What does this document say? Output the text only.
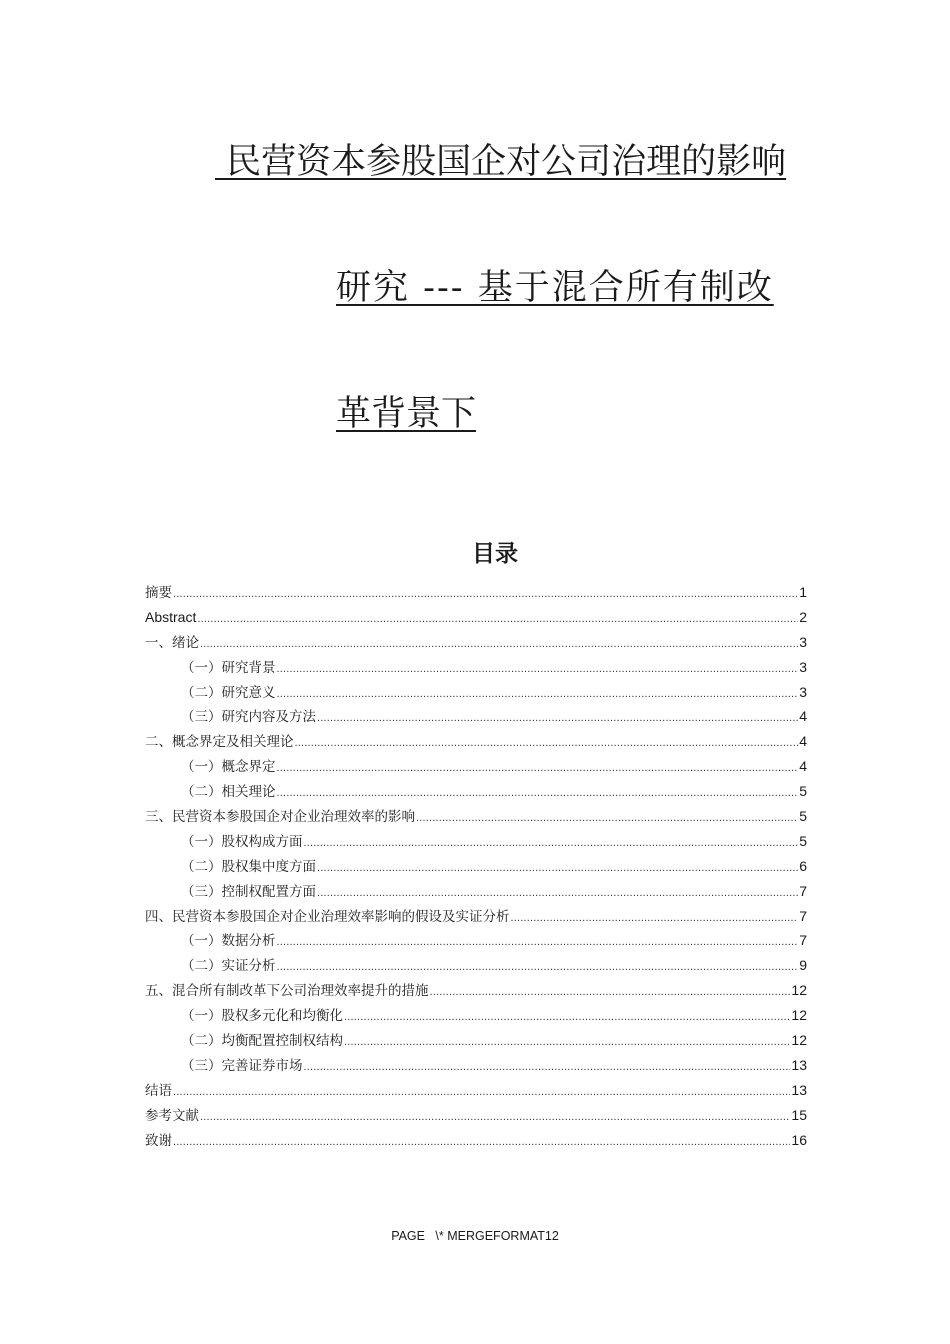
民营资本参股国企对公司治理的影响
研究 --- 基于混合所有制改
革背景下
目录
摘要 .....	1
Abstract .....	2
一、绪论 .....	3
（一）研究背景 .....	3
（二）研究意义 .....	3
（三）研究内容及方法 .....	4
二、概念界定及相关理论 .....	4
（一）概念界定 .....	4
（二）相关理论 .....	5
三、民营资本参股国企对企业治理效率的影响 .....	5
（一）股权构成方面 .....	5
（二）股权集中度方面 .....	6
（三）控制权配置方面 .....	7
四、民营资本参股国企对企业治理效率影响的假设及实证分析 .....	7
（一）数据分析 .....	7
（二）实证分析 .....	9
五、混合所有制改革下公司治理效率提升的措施 .....	12
（一）股权多元化和均衡化 .....	12
（二）均衡配置控制权结构 .....	12
（三）完善证券市场 .....	13
结语 .....	13
参考文献 .....	15
致谢 .....	16
PAGE   \* MERGEFORMAT12
